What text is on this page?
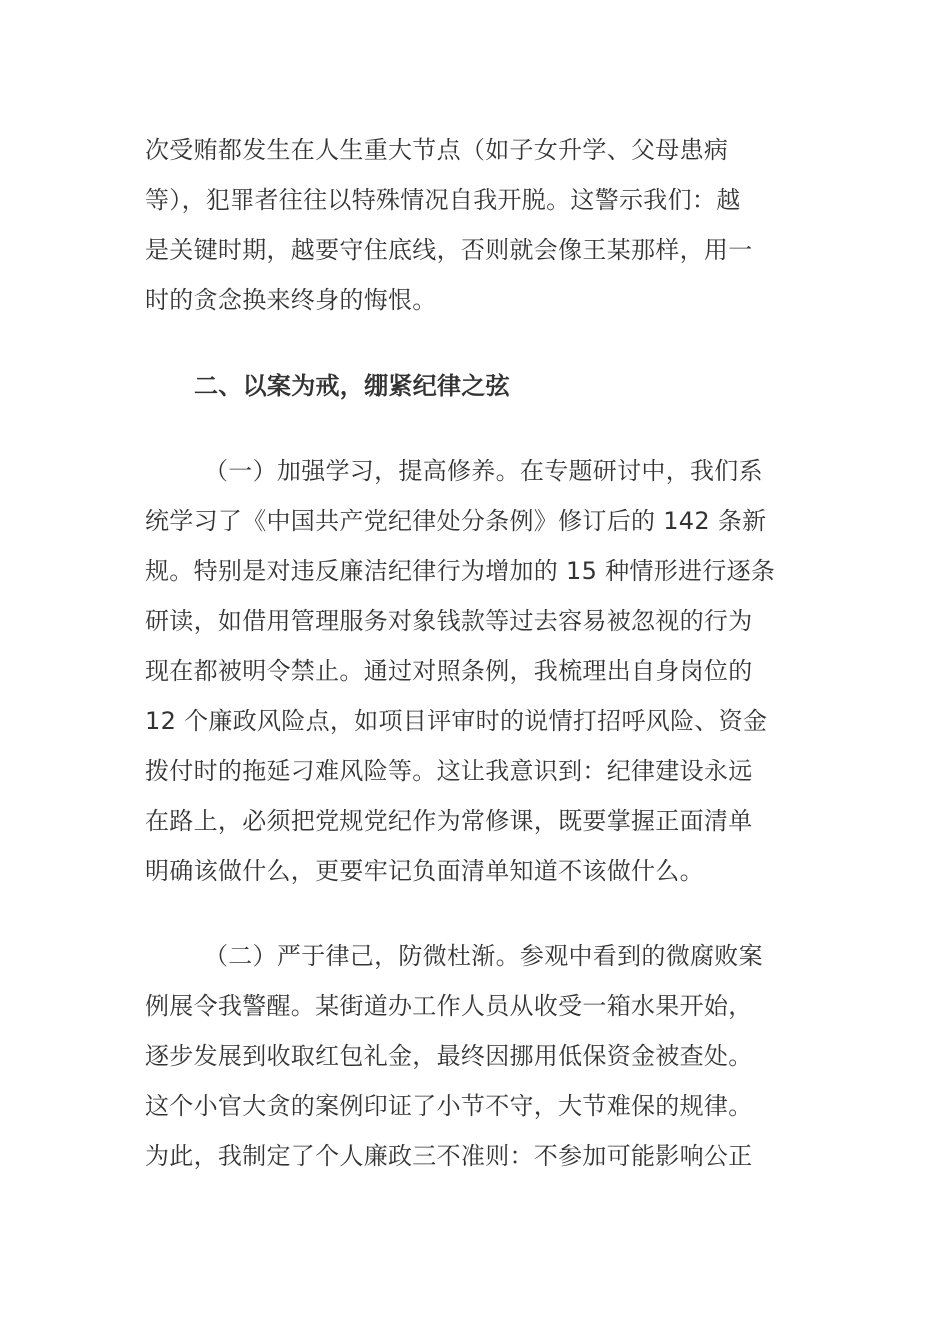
次受贿都发生在人生重大节点（如子女升学、父母患病
等），犯罪者往往以特殊情况自我开脱。这警示我们：越
是关键时期，越要守住底线，否则就会像王某那样，用一
时的贪念换来终身的悔恨。
二、以案为戒，绷紧纪律之弦
（一）加强学习，提高修养。在专题研讨中，我们系
统学习了《中国共产党纪律处分条例》修订后的 142 条新
规。特别是对违反廉洁纪律行为增加的 15 种情形进行逐条
研读，如借用管理服务对象钱款等过去容易被忽视的行为
现在都被明令禁止。通过对照条例，我梳理出自身岗位的
12 个廉政风险点，如项目评审时的说情打招呼风险、资金
拨付时的拖延刁难风险等。这让我意识到：纪律建设永远
在路上，必须把党规党纪作为常修课，既要掌握正面清单
明确该做什么，更要牢记负面清单知道不该做什么。
（二）严于律己，防微杜渐。参观中看到的微腐败案
例展令我警醒。某街道办工作人员从收受一箱水果开始，
逐步发展到收取红包礼金，最终因挪用低保资金被查处。
这个小官大贪的案例印证了小节不守，大节难保的规律。
为此，我制定了个人廉政三不准则：不参加可能影响公正
